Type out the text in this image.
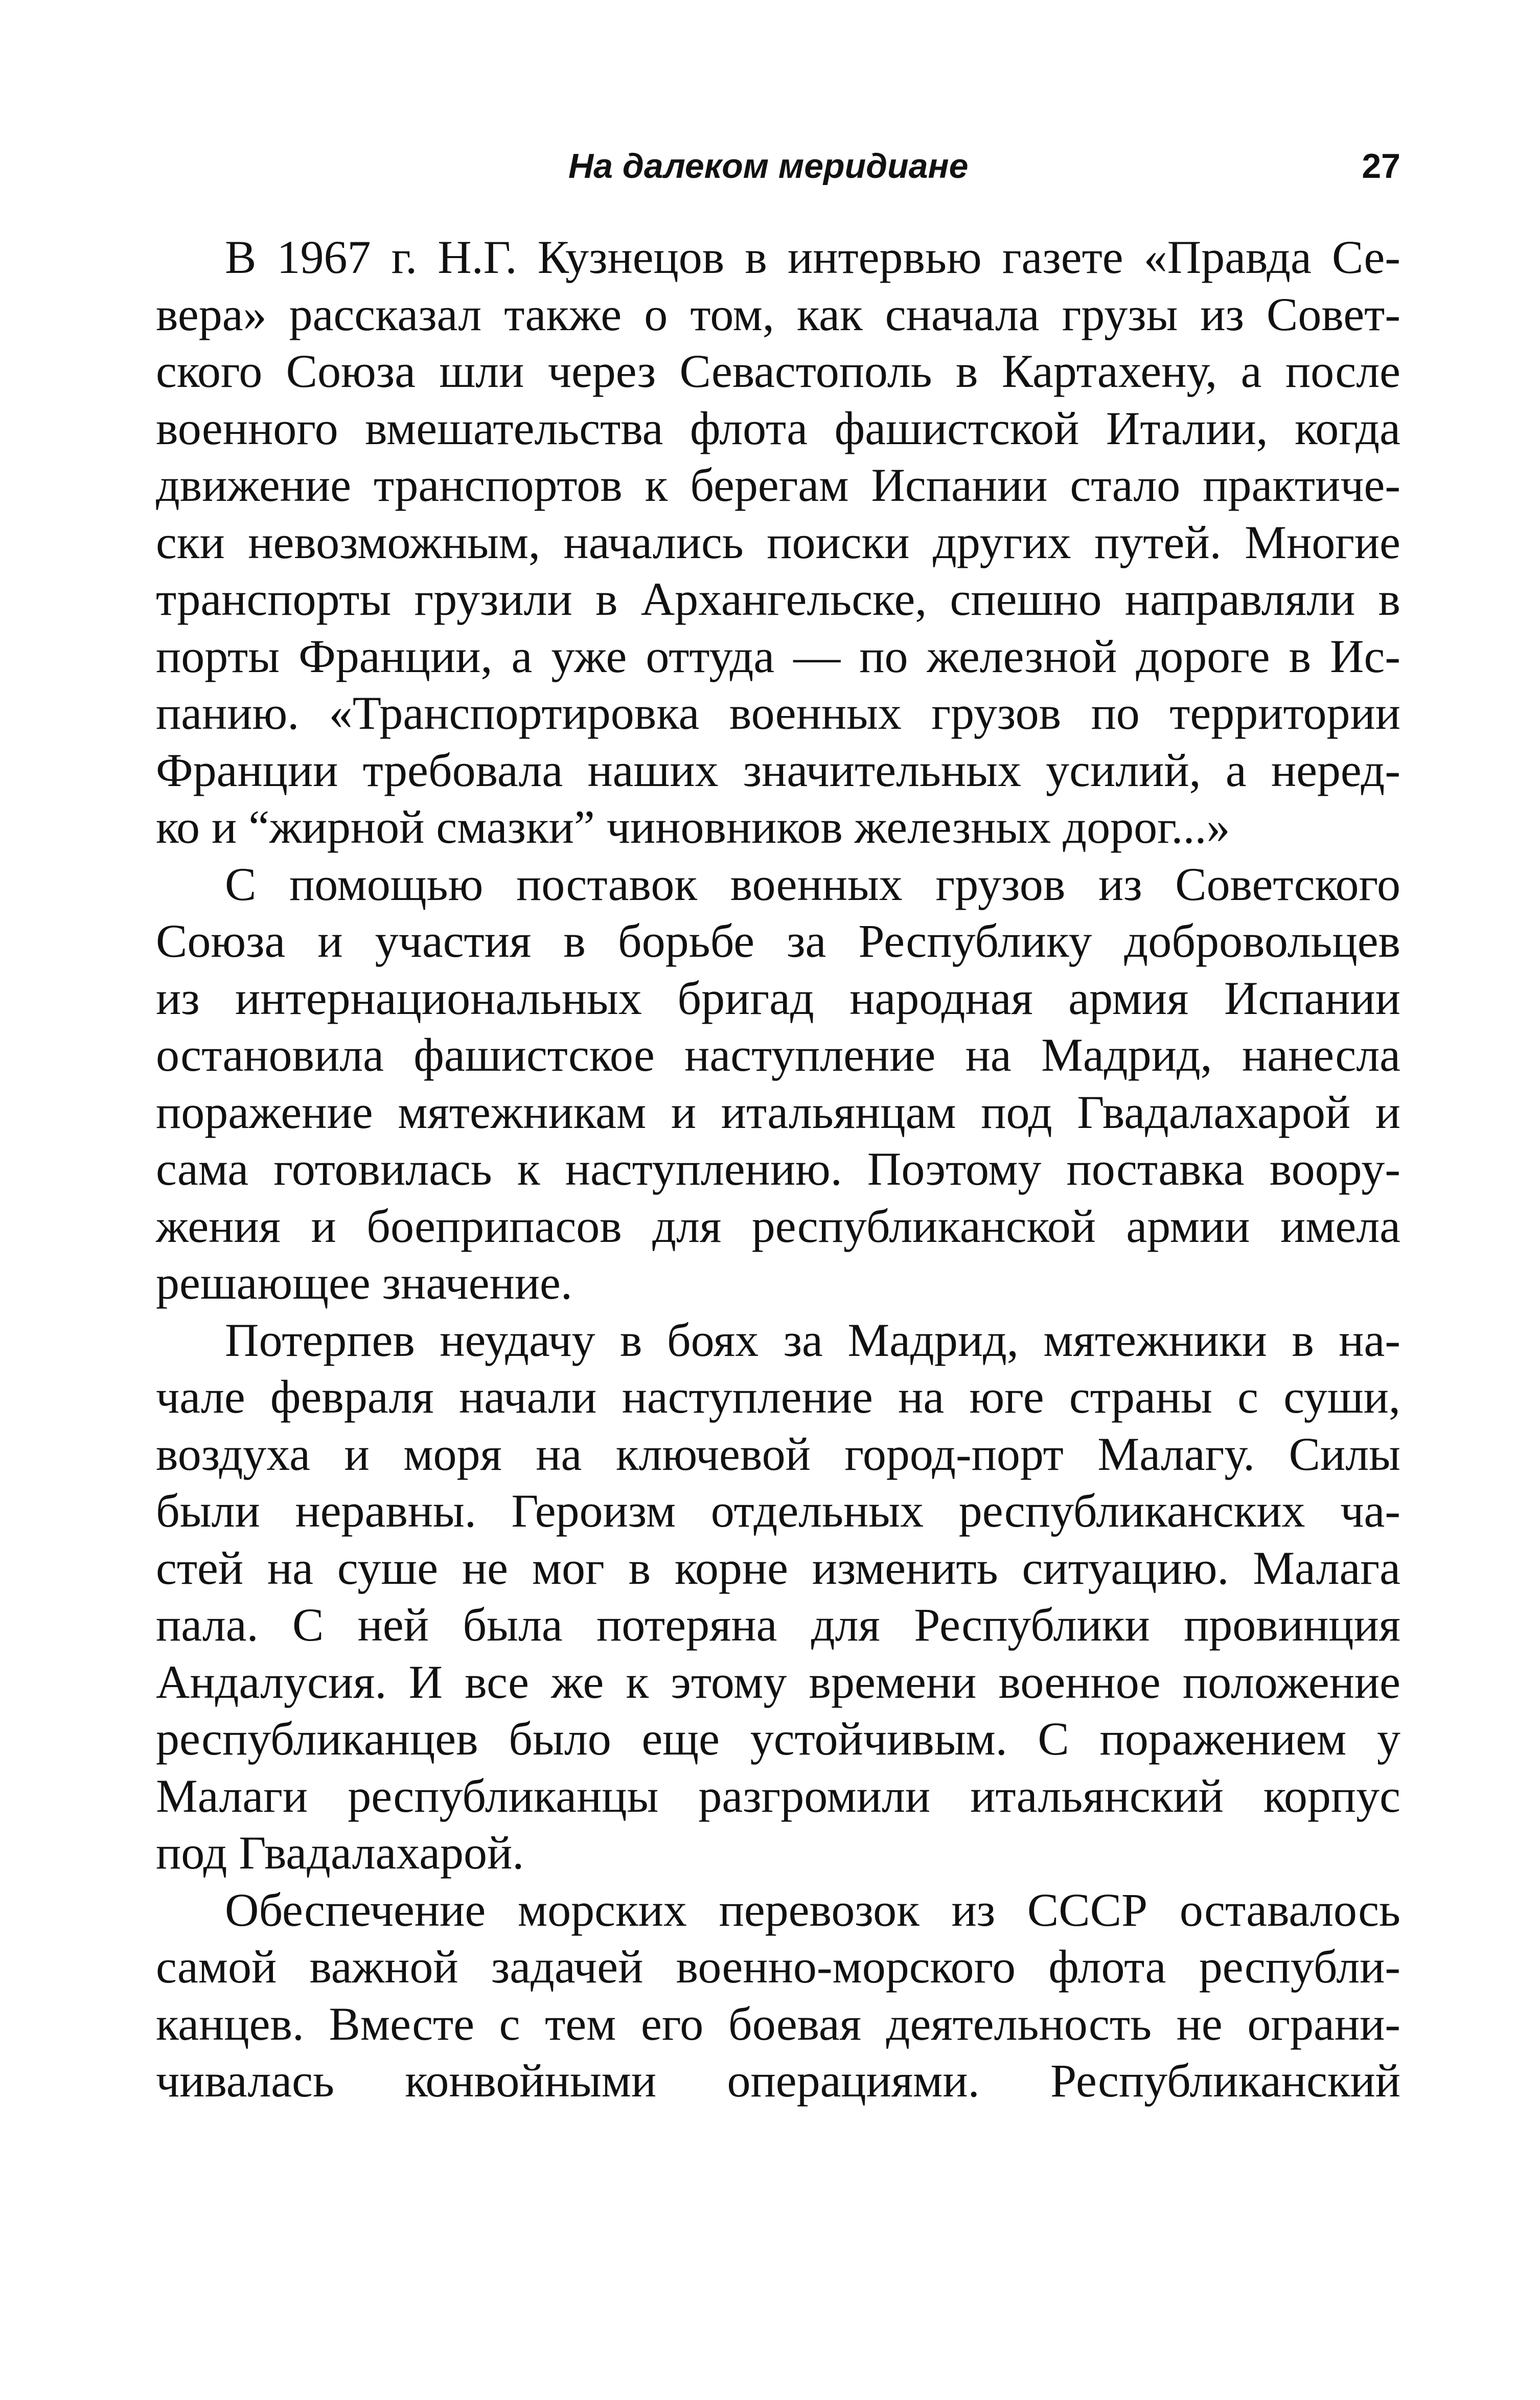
На далеком меридиане	27
В 1967 г. Н.Г. Кузнецов в интервью газете «Правда Се-
вера» рассказал также о том, как сначала грузы из Совет-
ского Союза шли через Севастополь в Картахену, а после
военного вмешательства флота фашистской Италии, когда
движение транспортов к берегам Испании стало практиче-
ски невозможным, начались поиски других путей. Многие
транспорты грузили в Архангельске, спешно направляли в
порты Франции, а уже оттуда — по железной дороге в Ис-
панию. «Транспортировка военных грузов по территории
Франции требовала наших значительных усилий, а неред-
ко и “жирной смазки” чиновников железных дорог...»
С помощью поставок военных грузов из Советского
Союза и участия в борьбе за Республику добровольцев
из интернациональных бригад народная армия Испании
остановила фашистское наступление на Мадрид, нанесла
поражение мятежникам и итальянцам под Гвадалахарой и
сама готовилась к наступлению. Поэтому поставка воору-
жения и боеприпасов для республиканской армии имела
решающее значение.
Потерпев неудачу в боях за Мадрид, мятежники в на-
чале февраля начали наступление на юге страны с суши,
воздуха и моря на ключевой город-порт Малагу. Силы
были неравны. Героизм отдельных республиканских ча-
стей на суше не мог в корне изменить ситуацию. Малага
пала. С ней была потеряна для Республики провинция
Андалусия. И все же к этому времени военное положение
республиканцев было еще устойчивым. С поражением у
Малаги республиканцы разгромили итальянский корпус
под Гвадалахарой.
Обеспечение морских перевозок из СССР оставалось
самой важной задачей военно-морского флота республи-
канцев. Вместе с тем его боевая деятельность не ограни-
чивалась конвойными операциями. Республиканский
